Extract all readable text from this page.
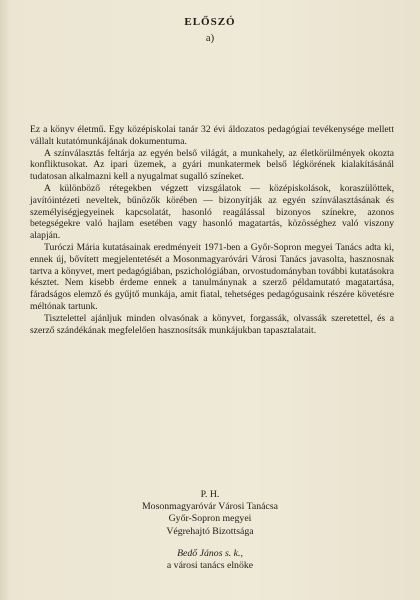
ELŐSZÓ
a)

Ez a könyv életmű. Egy középiskolai tanár 32 évi áldozatos pedagógiai tevékenysége mellett vállalt kutatómunkájának dokumentuma.

A színválasztás feltárja az egyén belső világát, a munkahely, az életkörülmények okozta konfliktusokat. Az ipari üzemek, a gyári munkatermek belső légkörének kialakításánál tudatosan alkalmazni kell a nyugalmat sugalló színeket.

A különböző rétegekben végzett vizsgálatok — középiskolások, koraszülöttek, javítóintézeti neveltek, bűnözők körében — bizonyítják az egyén színválasztásának és személyiségjegyeinek kapcsolatát, hasonló reagálással bizonyos színekre, azonos betegségekre való hajlam esetében vagy hasonló magatartás, közösséghez való viszony alapján.

Turóczi Mária kutatásainak eredményeit 1971-ben a Győr-Sopron megyei Tanács adta ki, ennek új, bővített megjelentetését a Mosonmagyaróvári Városi Tanács javasolta, hasznosnak tartva a könyvet, mert pedagógiában, pszichológiában, orvostudományban további kutatásokra késztet. Nem kisebb érdeme ennek a tanulmánynak a szerző példamutató magatartása, fáradságos elemző és gyűjtő munkája, amit fiatal, tehetséges pedagógusaink részére követésre méltónak tartunk.

Tisztelettel ajánljuk minden olvasónak a könyvet, forgassák, olvassák szeretettel, és a szerző szándékának megfelelően hasznosítsák munkájukban tapasztalatait.

P. H.
Mosonmagyaróvár Városi Tanácsa
Győr-Sopron megyei
Végrehajtó Bizottsága
Bedő János s. k.,
a városi tanács elnöke
